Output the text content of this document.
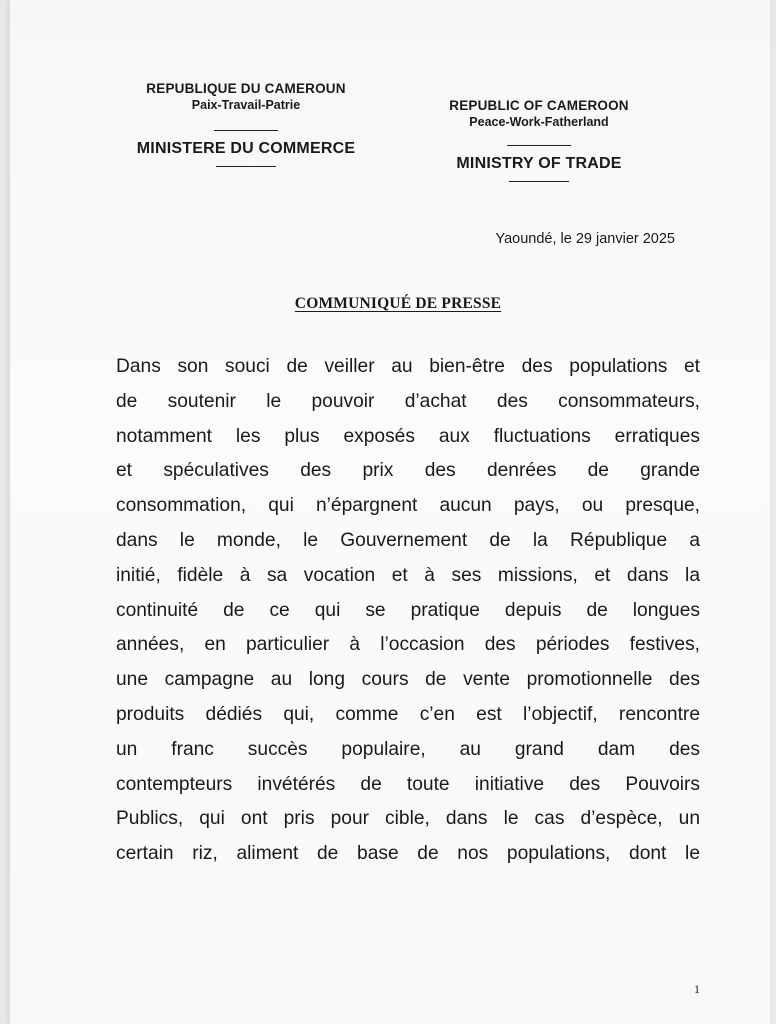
REPUBLIQUE DU CAMEROUN
Paix-Travail-Patrie
MINISTERE DU COMMERCE
REPUBLIC OF CAMEROON
Peace-Work-Fatherland
MINISTRY OF TRADE
Yaoundé, le 29 janvier 2025
COMMUNIQUÉ DE PRESSE
Dans son souci de veiller au bien-être des populations et
de soutenir le pouvoir d’achat des consommateurs,
notamment les plus exposés aux fluctuations erratiques
et spéculatives des prix des denrées de grande
consommation, qui n’épargnent aucun pays, ou presque,
dans le monde, le Gouvernement de la République a
initié, fidèle à sa vocation et à ses missions, et dans la
continuité de ce qui se pratique depuis de longues
années, en particulier à l’occasion des périodes festives,
une campagne au long cours de vente promotionnelle des
produits dédiés qui, comme c’en est l’objectif, rencontre
un franc succès populaire, au grand dam des
contempteurs invétérés de toute initiative des Pouvoirs
Publics, qui ont pris pour cible, dans le cas d’espèce, un
certain riz, aliment de base de nos populations, dont le
1
